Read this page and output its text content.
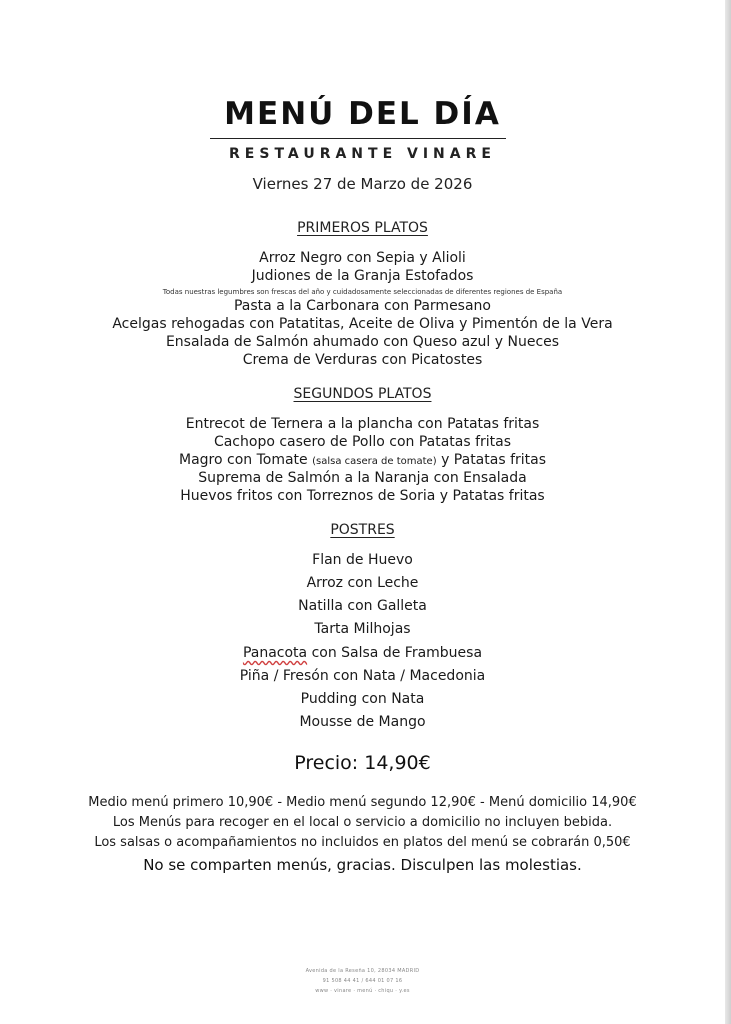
MENÚ DEL DÍA
RESTAURANTE VINARE
Viernes 27 de Marzo de 2026
PRIMEROS PLATOS
Arroz Negro con Sepia y Alioli
Judiones de la Granja Estofados
Todas nuestras legumbres son frescas del año y cuidadosamente seleccionadas de diferentes regiones de España
Pasta a la Carbonara con Parmesano
Acelgas rehogadas con Patatitas, Aceite de Oliva y Pimentón de la Vera
Ensalada de Salmón ahumado con Queso azul y Nueces
Crema de Verduras con Picatostes
SEGUNDOS PLATOS
Entrecot de Ternera a la plancha con Patatas fritas
Cachopo casero de Pollo con Patatas fritas
Magro con Tomate (salsa casera de tomate) y Patatas fritas
Suprema de Salmón a la Naranja con Ensalada
Huevos fritos con Torreznos de Soria y Patatas fritas
POSTRES
Flan de Huevo
Arroz con Leche
Natilla con Galleta
Tarta Milhojas
Panacota con Salsa de Frambuesa
Piña / Fresón con Nata / Macedonia
Pudding con Nata
Mousse de Mango
Precio: 14,90€
Medio menú primero 10,90€ - Medio menú segundo 12,90€ - Menú domicilio 14,90€
Los Menús para recoger en el local o servicio a domicilio no incluyen bebida.
Los salsas o acompañamientos no incluidos en platos del menú se cobrarán 0,50€
No se comparten menús, gracias. Disculpen las molestias.
Avenida de la Reseña 10, 28034 MADRID
91 508 44 41 / 644 01 07 16
www · vinare · menú · chiqu · y.es
